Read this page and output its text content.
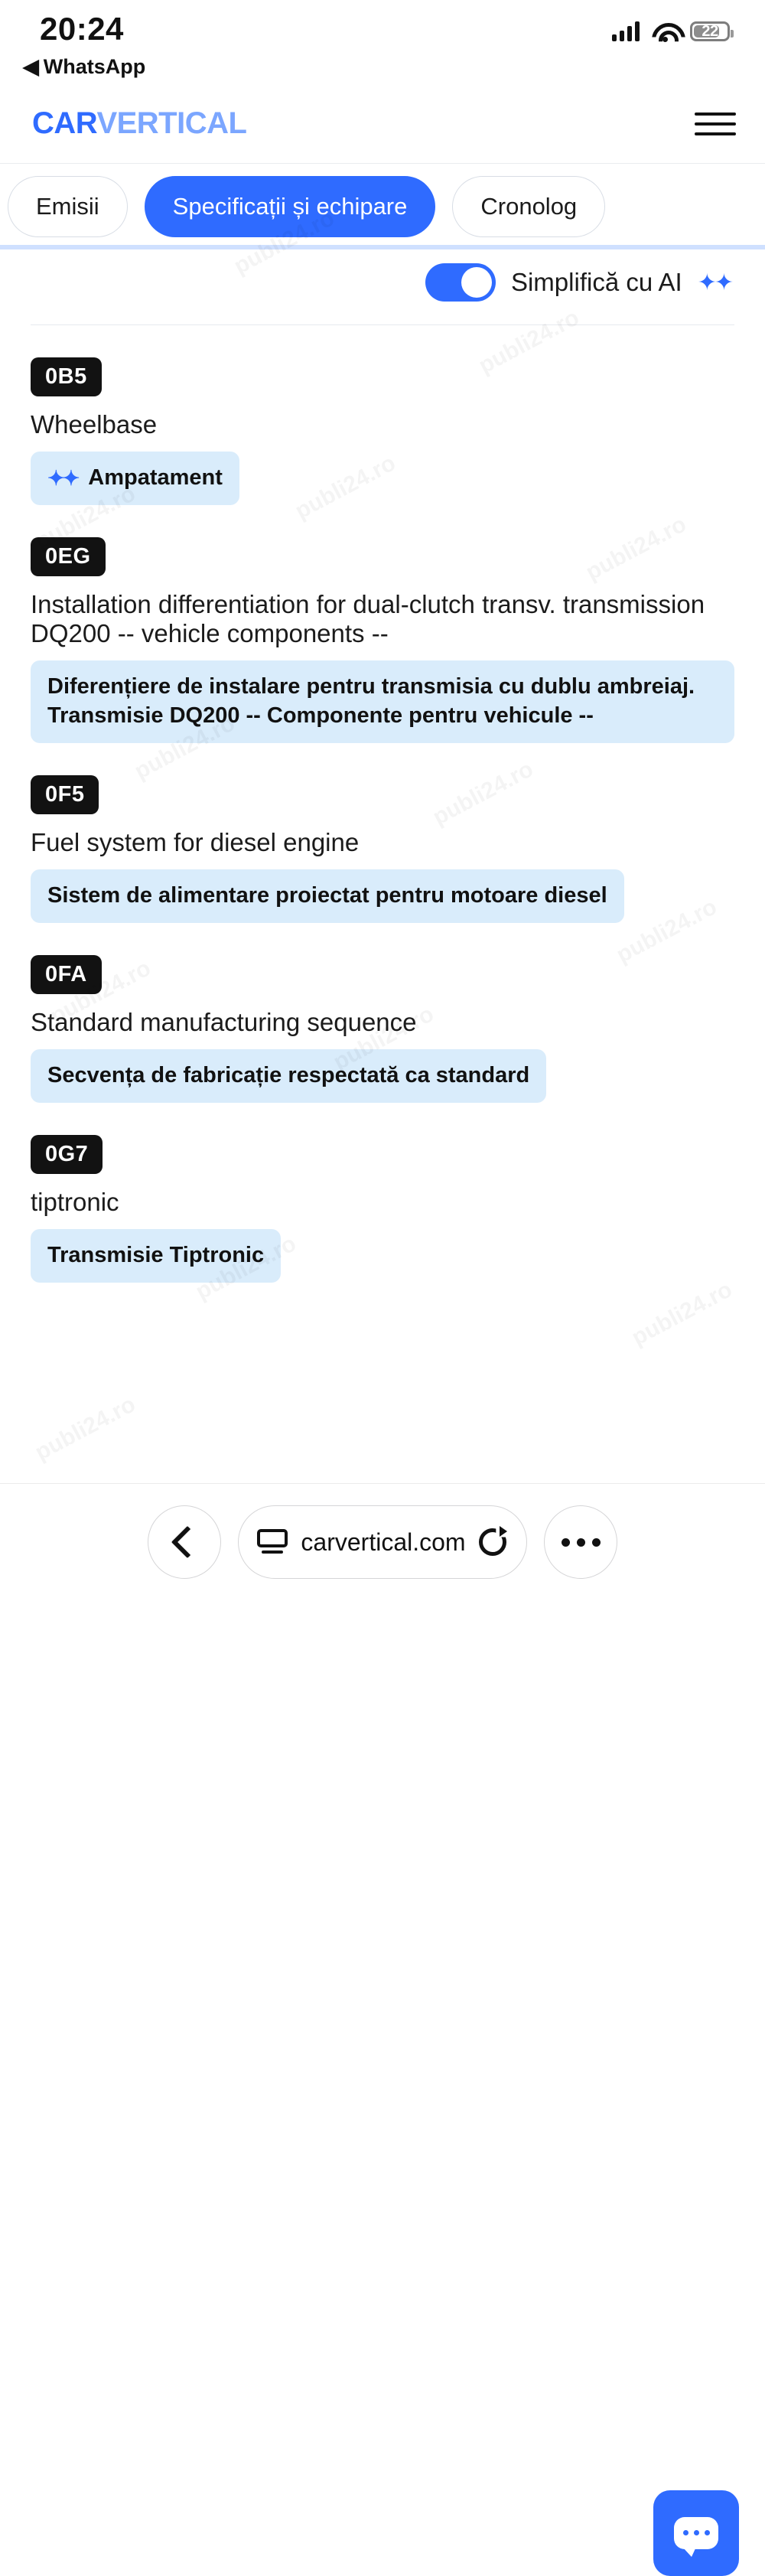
20:24
◀ WhatsApp
22
CARVERTICAL
Emisii	Specificații și echipare	Cronolog
Simplifică cu AI ✦✦
0B5
Wheelbase
✦✦ Ampatament
0EG
Installation differentiation for dual-clutch transv. transmission DQ200 -- vehicle components --
Diferențiere de instalare pentru transmisia cu dublu ambreiaj. Transmisie DQ200 -- Componente pentru vehicule --
0F5
Fuel system for diesel engine
Sistem de alimentare proiectat pentru motoare diesel
0FA
Standard manufacturing sequence
Secvența de fabricație respectată ca standard
0G7
tiptronic
Transmisie Tiptronic
carvertical.com
